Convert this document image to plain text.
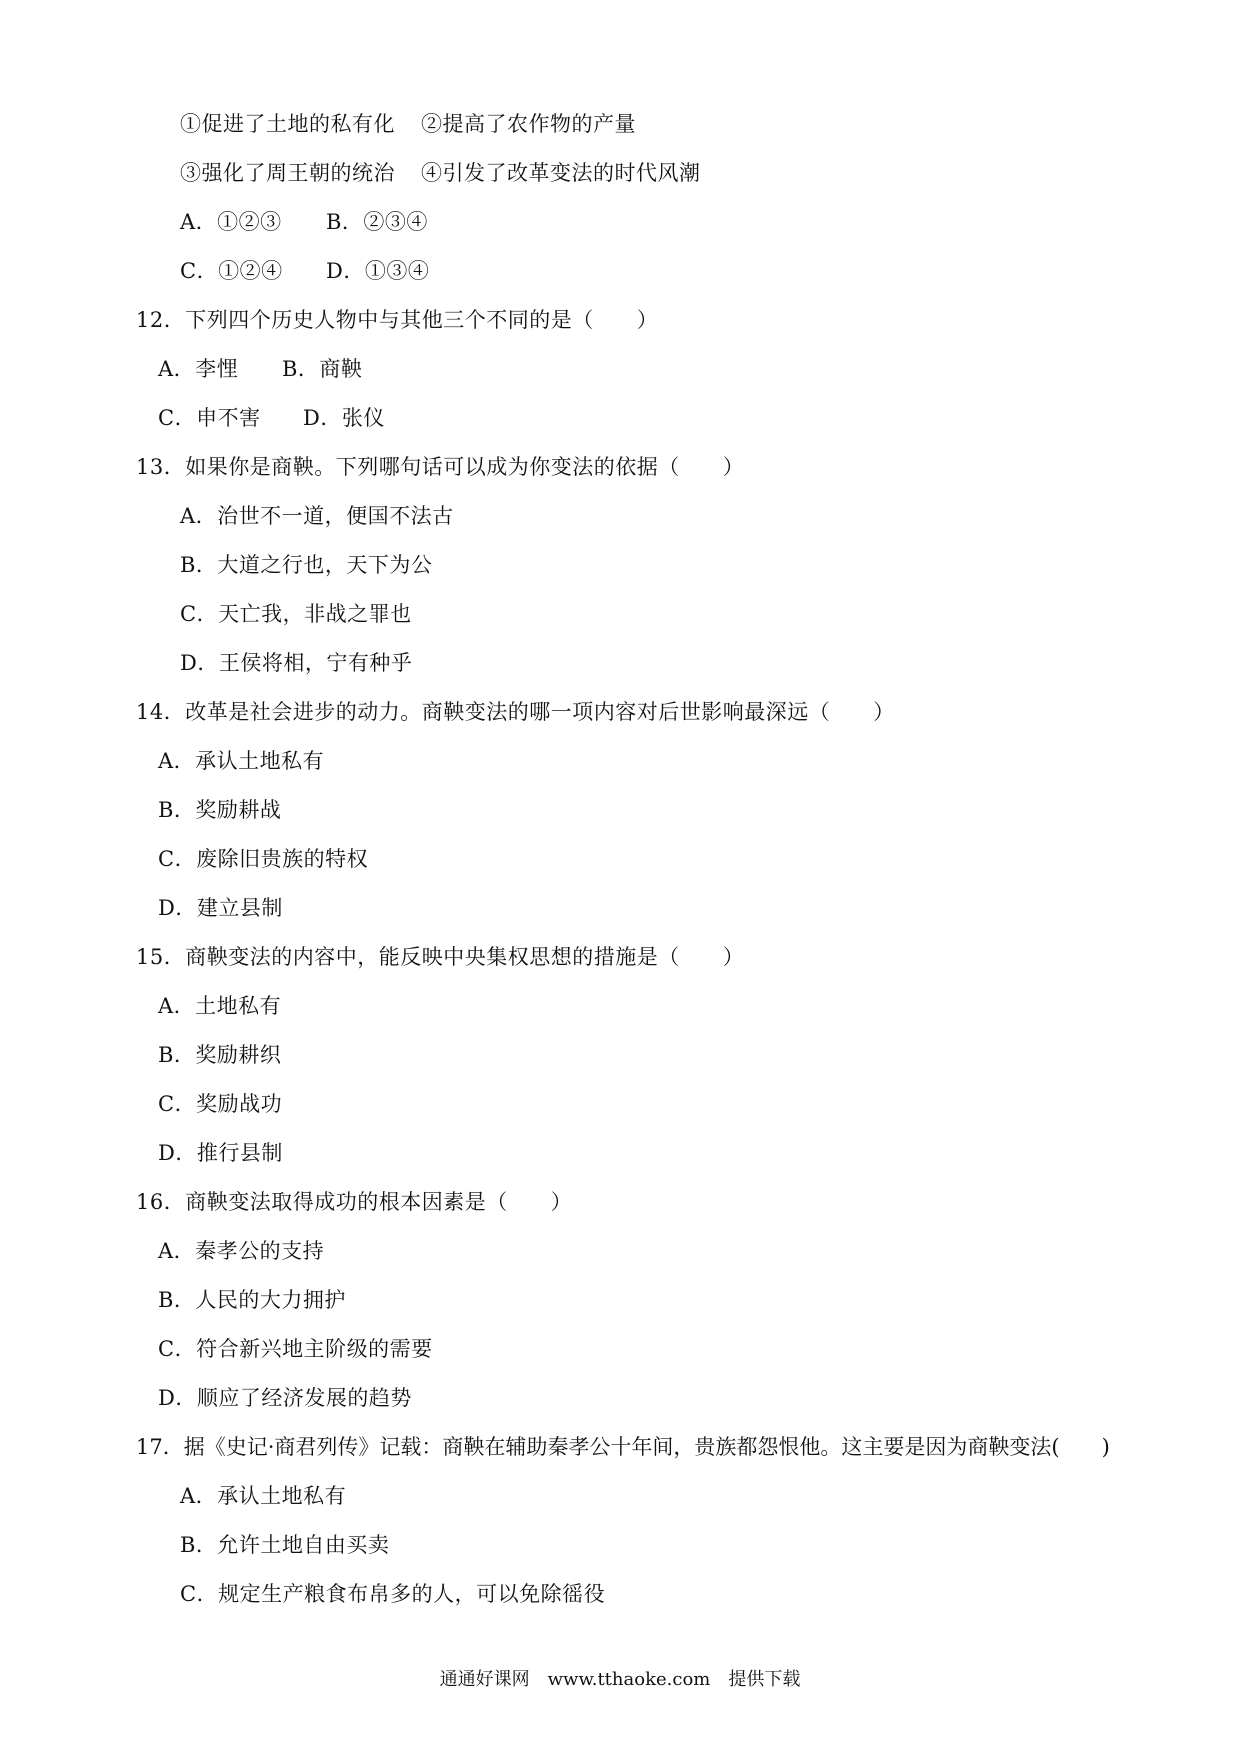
①促进了土地的私有化 ②提高了农作物的产量
③强化了周王朝的统治 ④引发了改革变法的时代风潮
A．①②③ B．②③④
C．①②④ D．①③④
12．下列四个历史人物中与其他三个不同的是（　　）
A．李悝 B．商鞅
C．申不害 D．张仪
13．如果你是商鞅。下列哪句话可以成为你变法的依据（　　）
A．治世不一道，便国不法古
B．大道之行也，天下为公
C．天亡我，非战之罪也
D．王侯将相，宁有种乎
14．改革是社会进步的动力。商鞅变法的哪一项内容对后世影响最深远（　　）
A．承认土地私有
B．奖励耕战
C．废除旧贵族的特权
D．建立县制
15．商鞅变法的内容中，能反映中央集权思想的措施是（　　）
A．土地私有
B．奖励耕织
C．奖励战功
D．推行县制
16．商鞅变法取得成功的根本因素是（　　）
A．秦孝公的支持
B．人民的大力拥护
C．符合新兴地主阶级的需要
D．顺应了经济发展的趋势
17．据《史记·商君列传》记载：商鞅在辅助秦孝公十年间，贵族都怨恨他。这主要是因为商鞅变法(　　)
A．承认土地私有
B．允许土地自由买卖
C．规定生产粮食布帛多的人，可以免除徭役
通通好课网　www.tthaoke.com　提供下载
